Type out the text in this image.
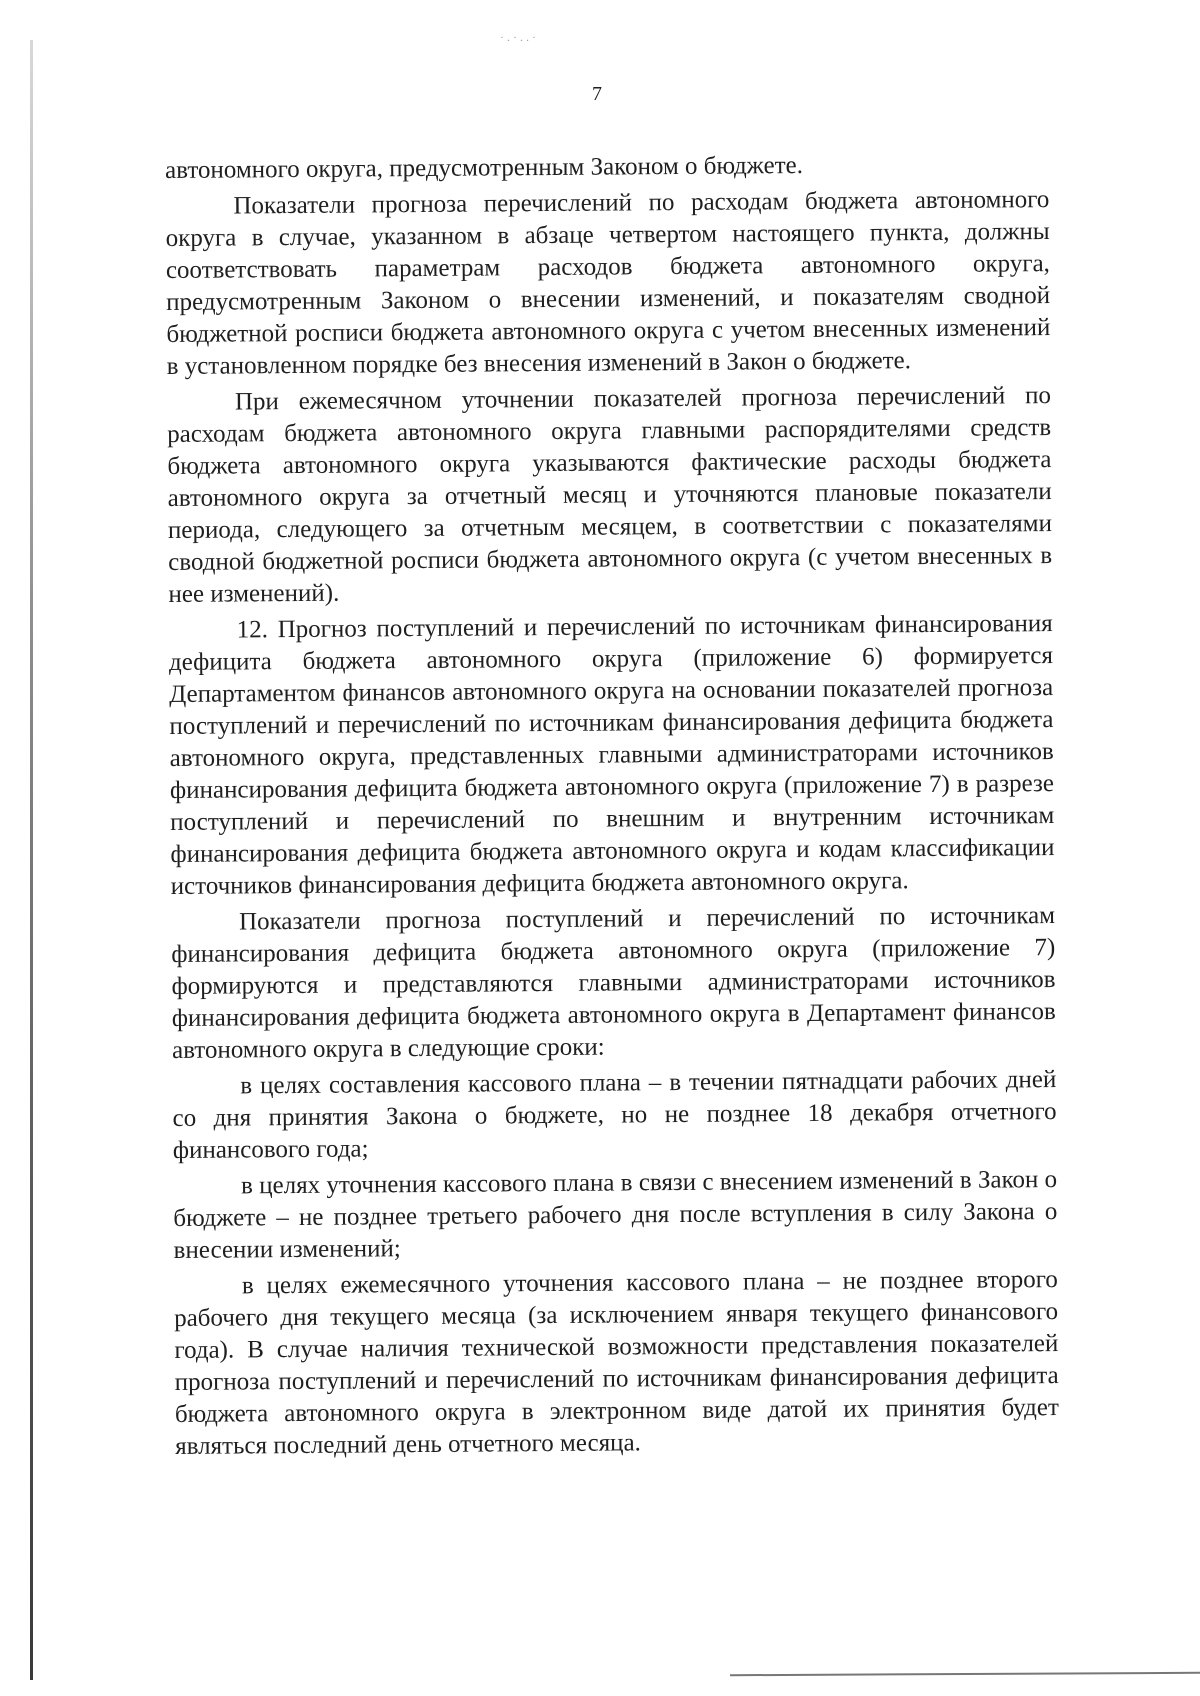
·.·..·
7

автономного округа, предусмотренным Законом о бюджете.

Показатели прогноза перечислений по расходам бюджета автономного округа в случае, указанном в абзаце четвертом настоящего пункта, должны соответствовать параметрам расходов бюджета автономного округа, предусмотренным Законом о внесении изменений, и показателям сводной бюджетной росписи бюджета автономного округа с учетом внесенных изменений в установленном порядке без внесения изменений в Закон о бюджете.

При ежемесячном уточнении показателей прогноза перечислений по расходам бюджета автономного округа главными распорядителями средств бюджета автономного округа указываются фактические расходы бюджета автономного округа за отчетный месяц и уточняются плановые показатели периода, следующего за отчетным месяцем, в соответствии с показателями сводной бюджетной росписи бюджета автономного округа (с учетом внесенных в нее изменений).

12. Прогноз поступлений и перечислений по источникам финансирования дефицита бюджета автономного округа (приложение 6) формируется Департаментом финансов автономного округа на основании показателей прогноза поступлений и перечислений по источникам финансирования дефицита бюджета автономного округа, представленных главными администраторами источников финансирования дефицита бюджета автономного округа (приложение 7) в разрезе поступлений и перечислений по внешним и внутренним источникам финансирования дефицита бюджета автономного округа и кодам классификации источников финансирования дефицита бюджета автономного округа.

Показатели прогноза поступлений и перечислений по источникам финансирования дефицита бюджета автономного округа (приложение 7) формируются и представляются главными администраторами источников финансирования дефицита бюджета автономного округа в Департамент финансов автономного округа в следующие сроки:

в целях составления кассового плана – в течении пятнадцати рабочих дней со дня принятия Закона о бюджете, но не позднее 18 декабря отчетного финансового года;

в целях уточнения кассового плана в связи с внесением изменений в Закон о бюджете – не позднее третьего рабочего дня после вступления в силу Закона о внесении изменений;

в целях ежемесячного уточнения кассового плана – не позднее второго рабочего дня текущего месяца (за исключением января текущего финансового года). В случае наличия технической возможности представления показателей прогноза поступлений и перечислений по источникам финансирования дефицита бюджета автономного округа в электронном виде датой их принятия будет являться последний день отчетного месяца.
